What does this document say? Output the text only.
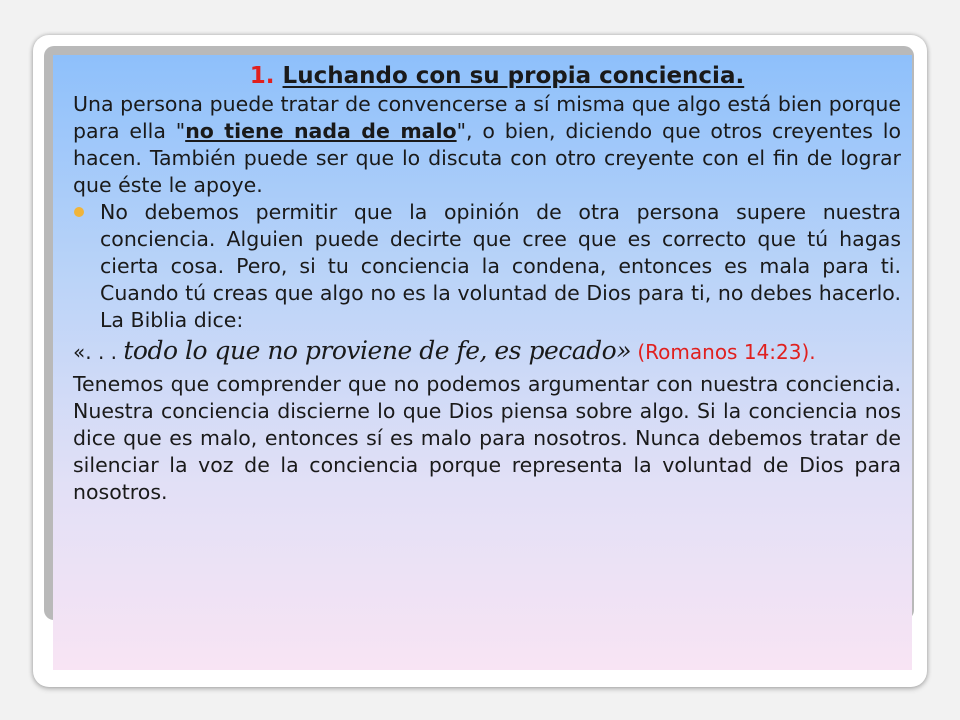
1. Luchando con su propia conciencia.

Una persona puede tratar de convencerse a sí misma que algo está bien porque para ella "no tiene nada de malo", o bien, diciendo que otros creyentes lo hacen. También puede ser que lo discuta con otro creyente con el fin de lograr que éste le apoye.

No debemos permitir que la opinión de otra persona supere nuestra conciencia. Alguien puede decirte que cree que es correcto que tú hagas cierta cosa. Pero, si tu conciencia la condena, entonces es mala para ti. Cuando tú creas que algo no es la voluntad de Dios para ti, no debes hacerlo. La Biblia dice:
«. . . todo lo que no proviene de fe, es pecado» (Romanos 14:23).
Tenemos que comprender que no podemos argumentar con nuestra conciencia. Nuestra conciencia discierne lo que Dios piensa sobre algo. Si la conciencia nos dice que es malo, entonces sí es malo para nosotros. Nunca debemos tratar de silenciar la voz de la conciencia porque representa la voluntad de Dios para nosotros.
